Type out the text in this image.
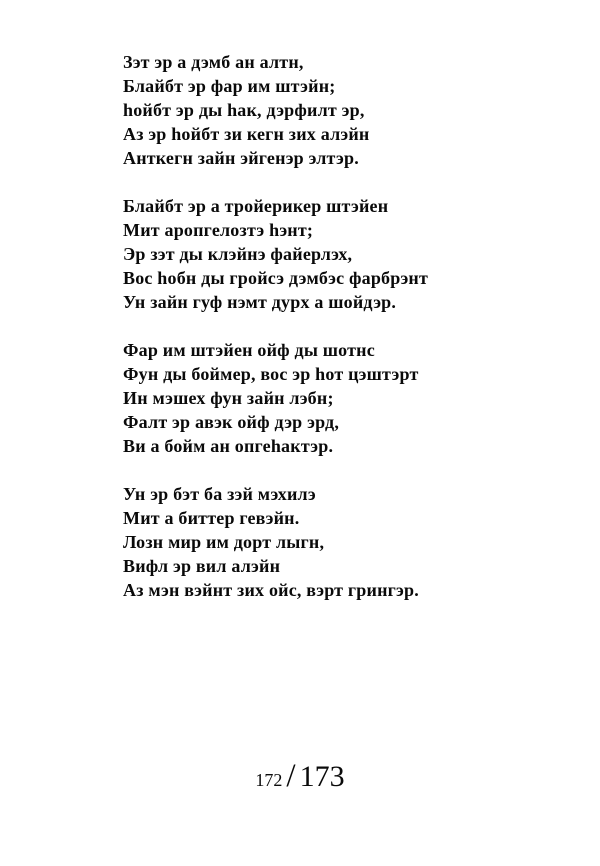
Зэт эр а дэмб ан алтн,
Блайбт эр фар им штэйн;
hойбт эр ды hак, дэрфилт эр,
Аз эр hойбт зи кегн зих алэйн
Анткегн зайн эйгенэр элтэр.
Блайбт эр а тройерикер штэйен
Мит аропгелозтэ hэнт;
Эр зэт ды клэйнэ файерлэх,
Вос hобн ды гройсэ дэмбэс фарбрэнт
Ун зайн гуф нэмт дурх а шойдэр.
Фар им штэйен ойф ды шотнс
Фун ды боймер, вос эр hот цэштэрт
Ин мэшех фун зайн лэбн;
Фалт эр авэк ойф дэр эрд,
Ви а бойм ан опгеhактэр.
Ун эр бэт ба зэй мэхилэ
Мит а биттер гевэйн.
Лозн мир им дорт лыгн,
Вифл эр вил алэйн
Аз мэн вэйнт зих ойс, вэрт грингэр.
172 / 173
